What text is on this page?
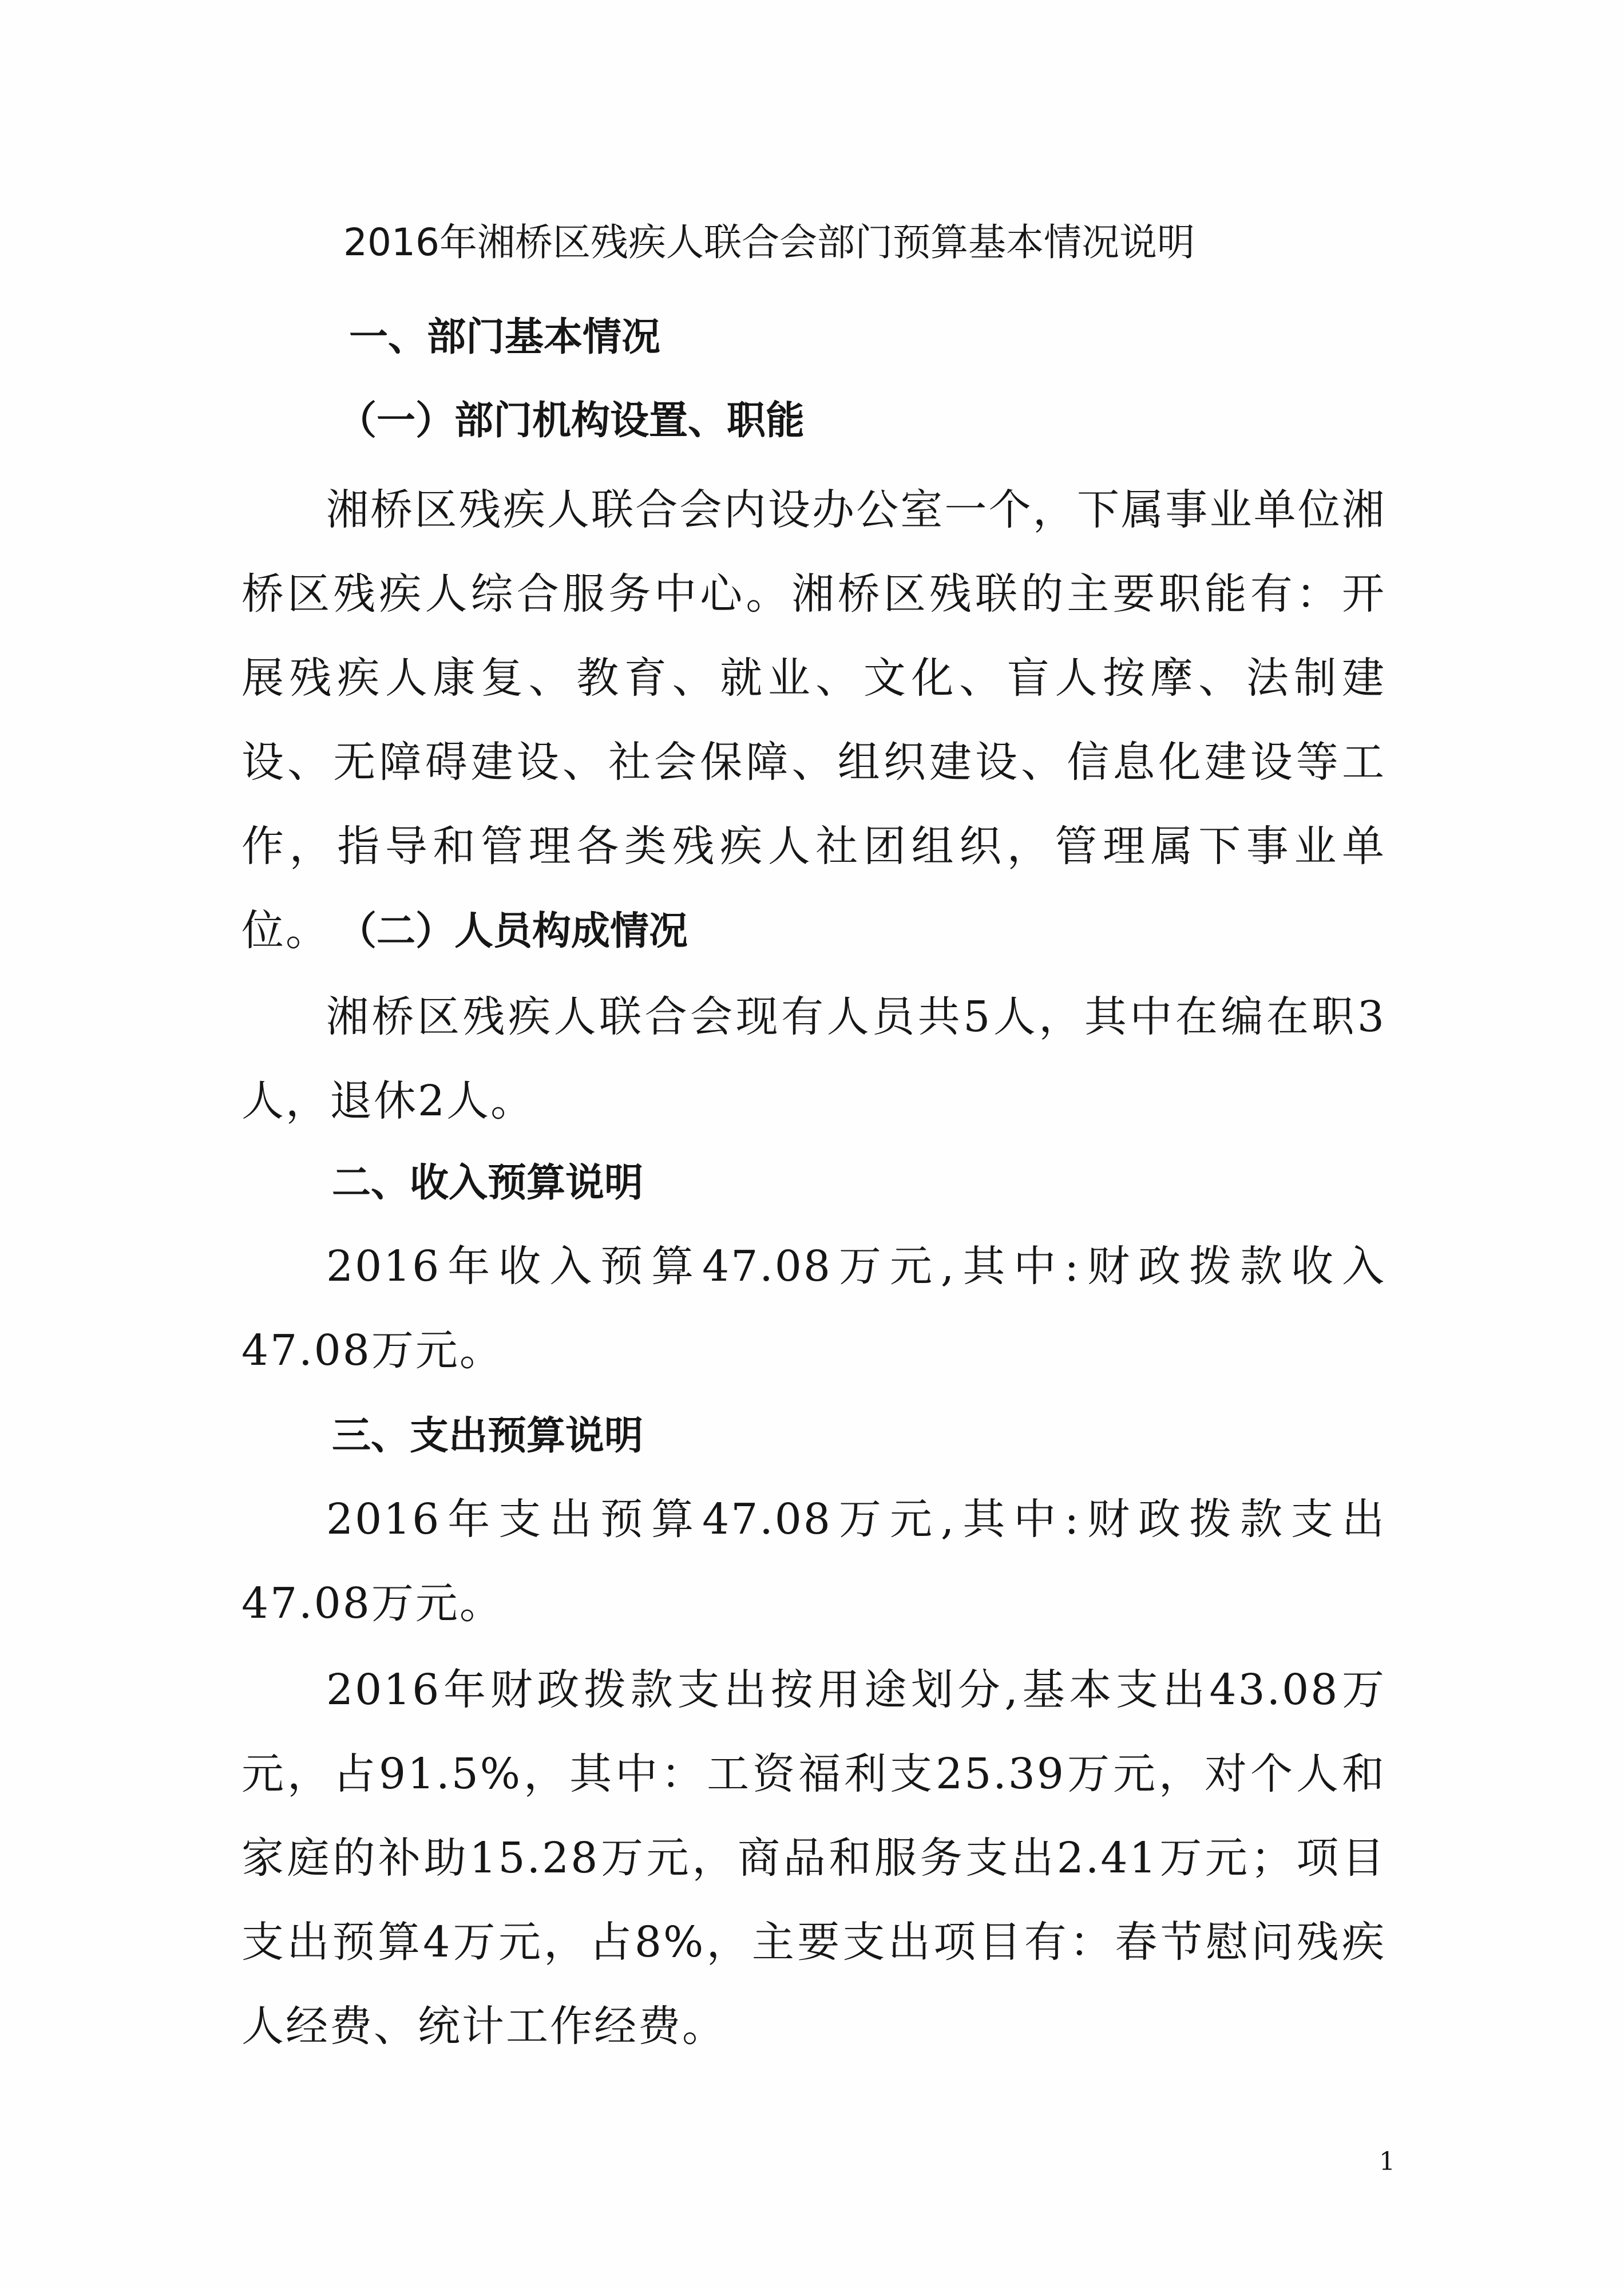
2016年湘桥区残疾人联合会部门预算基本情况说明
一、部门基本情况
（一）部门机构设置、职能
湘桥区残疾人联合会内设办公室一个，下属事业单位湘桥区残疾人综合服务中心。湘桥区残联的主要职能有：开展残疾人康复、教育、就业、文化、盲人按摩、法制建设、无障碍建设、社会保障、组织建设、信息化建设等工作，指导和管理各类残疾人社团组织，管理属下事业单位。 （二）人员构成情况
湘桥区残疾人联合会现有人员共5人，其中在编在职3人，退休2人。
二、收入预算说明
2016年收入预算47.08万元,其中:财政拨款收入47.08万元。
三、支出预算说明
2016年支出预算47.08万元,其中:财政拨款支出47.08万元。
2016年财政拨款支出按用途划分,基本支出43.08万元，占91.5%，其中：工资福利支25.39万元，对个人和家庭的补助15.28万元，商品和服务支出2.41万元；项目支出预算4万元，占8%，主要支出项目有：春节慰问残疾人经费、统计工作经费。
1
